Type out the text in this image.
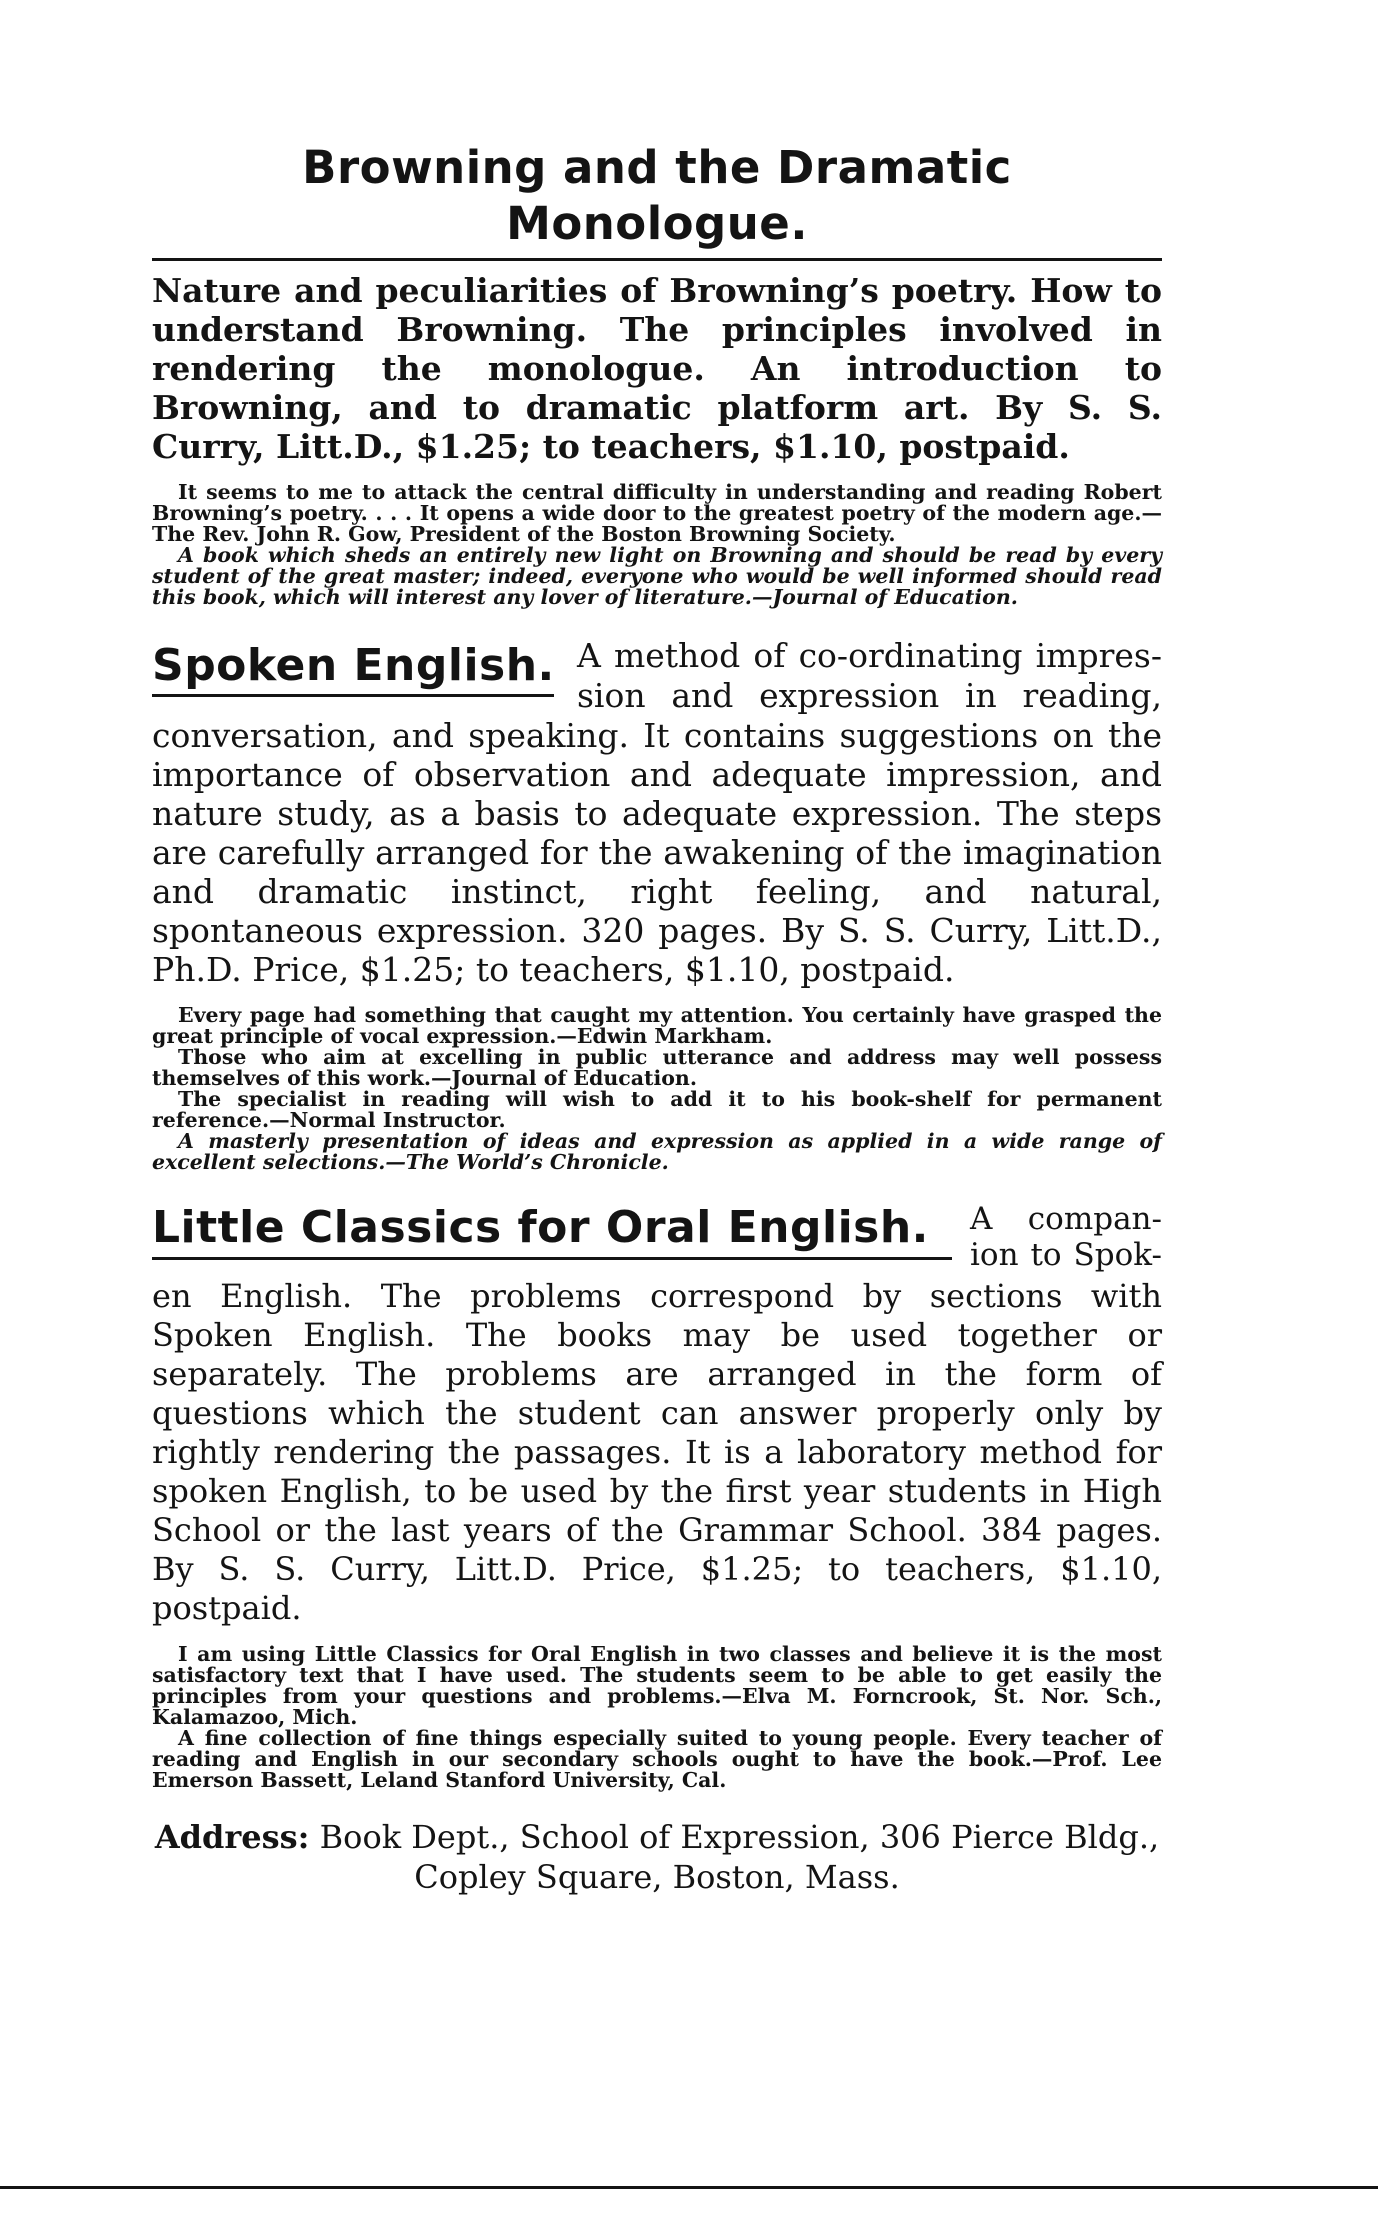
Browning and the Dramatic Monologue.

Nature and peculiarities of Browning’s poetry. How to understand Browning. The principles involved in rendering the monologue. An introduction to Browning, and to dramatic platform art. By S. S. Curry, Litt.D., $1.25; to teachers, $1.10, postpaid.

It seems to me to attack the central difficulty in understanding and reading Robert Browning’s poetry. . . . It opens a wide door to the greatest poetry of the modern age.—The Rev. John R. Gow, President of the Boston Browning Society.

A book which sheds an entirely new light on Browning and should be read by every student of the great master; indeed, everyone who would be well informed should read this book, which will interest any lover of literature.—Journal of Education.

Spoken English. A method of co-ordinating impres-
sion and expression in reading,

conversation, and speaking. It contains suggestions on the importance of observation and adequate impression, and nature study, as a basis to adequate expression. The steps are carefully arranged for the awakening of the imagination and dramatic instinct, right feeling, and natural, spontaneous expression. 320 pages. By S. S. Curry, Litt.D., Ph.D. Price, $1.25; to teachers, $1.10, postpaid.

Every page had something that caught my attention. You certainly have grasped the great principle of vocal expression.—Edwin Markham.

Those who aim at excelling in public utterance and address may well possess themselves of this work.—Journal of Education.

The specialist in reading will wish to add it to his book-shelf for permanent reference.—Normal Instructor.

A masterly presentation of ideas and expression as applied in a wide range of excellent selections.—The World’s Chronicle.

Little Classics for Oral English. A compan-
ion to Spok-

en English. The problems correspond by sections with Spoken English. The books may be used together or separately. The problems are arranged in the form of questions which the student can answer properly only by rightly rendering the passages. It is a laboratory method for spoken English, to be used by the first year students in High School or the last years of the Grammar School. 384 pages. By S. S. Curry, Litt.D. Price, $1.25; to teachers, $1.10, postpaid.

I am using Little Classics for Oral English in two classes and believe it is the most satisfactory text that I have used. The students seem to be able to get easily the principles from your questions and problems.—Elva M. Forncrook, St. Nor. Sch., Kalamazoo, Mich.

A fine collection of fine things especially suited to young people. Every teacher of reading and English in our secondary schools ought to have the book.—Prof. Lee Emerson Bassett, Leland Stanford University, Cal.

Address: Book Dept., School of Expression, 306 Pierce Bldg.,
Copley Square, Boston, Mass.
